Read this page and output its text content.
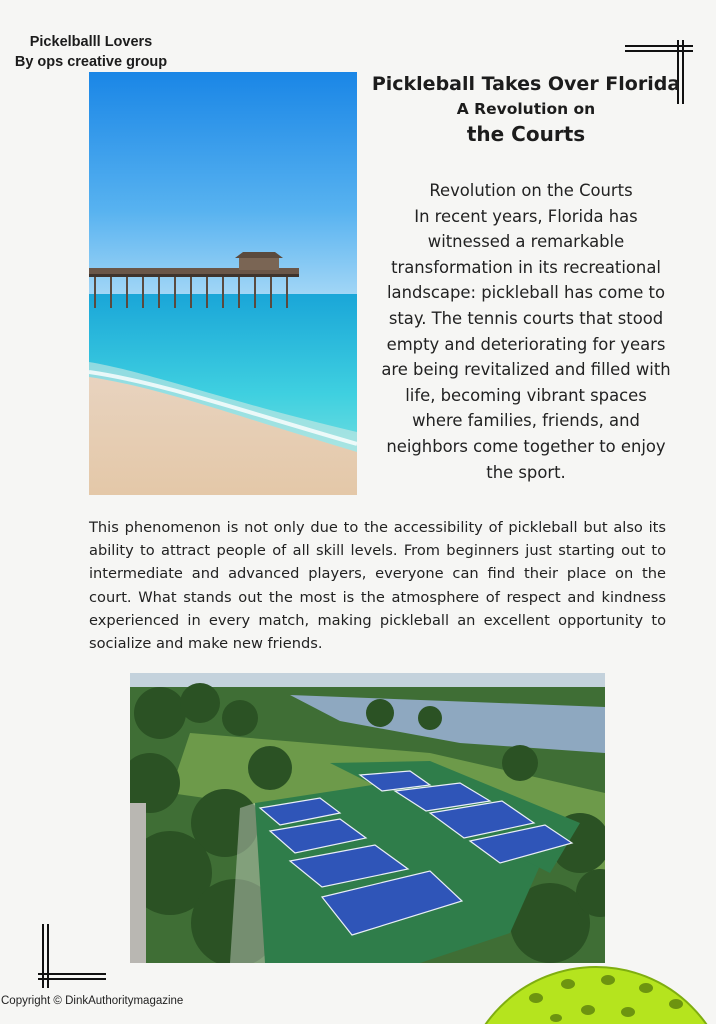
Pickelballl Lovers
By ops creative group
Pickleball Takes Over Florida
A Revolution on
the Courts
Revolution on the Courts
In recent years, Florida has witnessed a remarkable transformation in its recreational landscape: pickleball has come to stay. The tennis courts that stood empty and deteriorating for years are being revitalized and filled with life, becoming vibrant spaces where families, friends, and neighbors come together to enjoy the sport.

This phenomenon is not only due to the accessibility of pickleball but also its ability to attract people of all skill levels. From beginners just starting out to intermediate and advanced players, everyone can find their place on the court. What stands out the most is the atmosphere of respect and kindness experienced in every match, making pickleball an excellent opportunity to socialize and make new friends.

Copyright © DinkAuthoritymagazine
